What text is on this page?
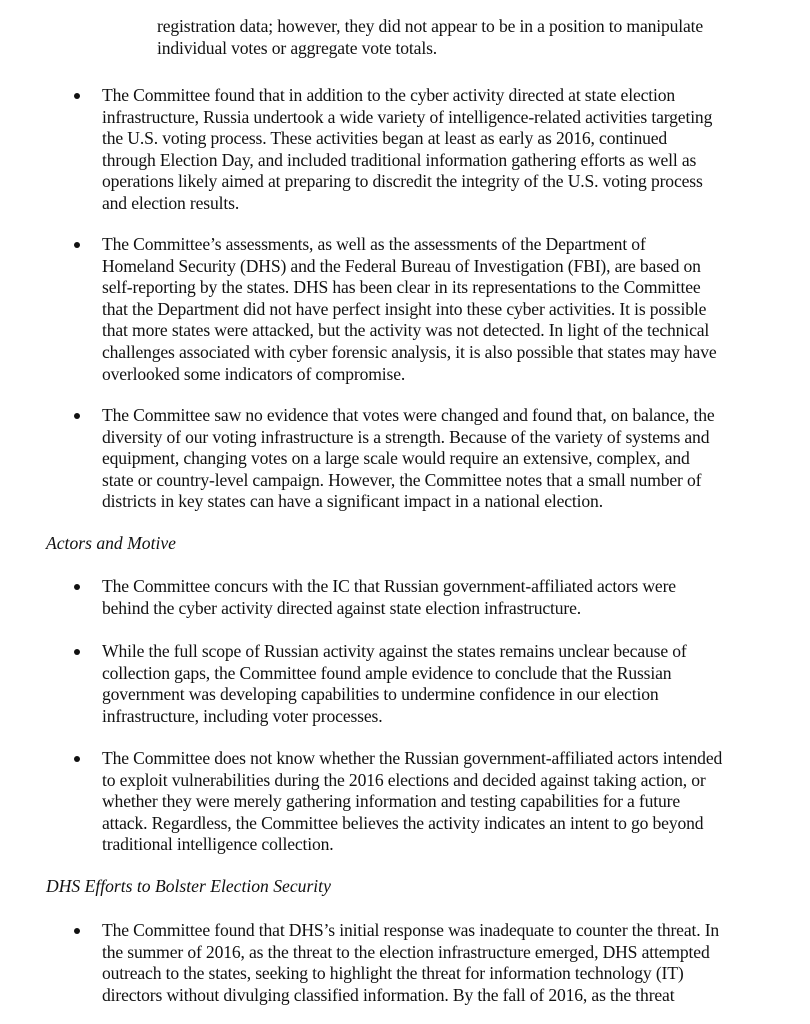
registration data; however, they did not appear to be in a position to manipulate
individual votes or aggregate vote totals.
The Committee found that in addition to the cyber activity directed at state election
infrastructure, Russia undertook a wide variety of intelligence-related activities targeting
the U.S. voting process. These activities began at least as early as 2016, continued
through Election Day, and included traditional information gathering efforts as well as
operations likely aimed at preparing to discredit the integrity of the U.S. voting process
and election results.
The Committee’s assessments, as well as the assessments of the Department of
Homeland Security (DHS) and the Federal Bureau of Investigation (FBI), are based on
self-reporting by the states. DHS has been clear in its representations to the Committee
that the Department did not have perfect insight into these cyber activities. It is possible
that more states were attacked, but the activity was not detected. In light of the technical
challenges associated with cyber forensic analysis, it is also possible that states may have
overlooked some indicators of compromise.
The Committee saw no evidence that votes were changed and found that, on balance, the
diversity of our voting infrastructure is a strength. Because of the variety of systems and
equipment, changing votes on a large scale would require an extensive, complex, and
state or country-level campaign. However, the Committee notes that a small number of
districts in key states can have a significant impact in a national election.
Actors and Motive
The Committee concurs with the IC that Russian government-affiliated actors were
behind the cyber activity directed against state election infrastructure.
While the full scope of Russian activity against the states remains unclear because of
collection gaps, the Committee found ample evidence to conclude that the Russian
government was developing capabilities to undermine confidence in our election
infrastructure, including voter processes.
The Committee does not know whether the Russian government-affiliated actors intended
to exploit vulnerabilities during the 2016 elections and decided against taking action, or
whether they were merely gathering information and testing capabilities for a future
attack. Regardless, the Committee believes the activity indicates an intent to go beyond
traditional intelligence collection.
DHS Efforts to Bolster Election Security
The Committee found that DHS’s initial response was inadequate to counter the threat. In
the summer of 2016, as the threat to the election infrastructure emerged, DHS attempted
outreach to the states, seeking to highlight the threat for information technology (IT)
directors without divulging classified information. By the fall of 2016, as the threat
